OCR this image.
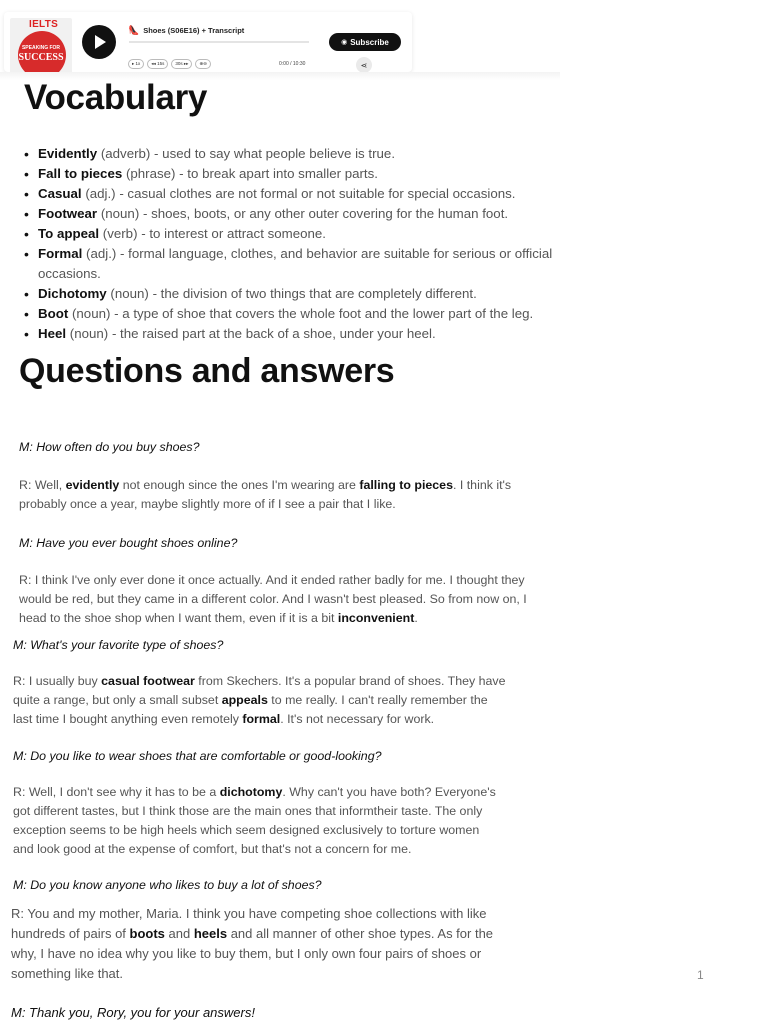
IELTS
SPEAKING FOR
SUCCESS
👠 Shoes (S06E16) + Transcript
▸ 1x	◂◂ 15s	30s ▸▸	⊕⊖	0:00 / 10:30
◉ Subscribe
⋖
Vocabulary
• Evidently (adverb) - used to say what people believe is true.
• Fall to pieces (phrase) - to break apart into smaller parts.
• Casual (adj.) - casual clothes are not formal or not suitable for special occasions.
• Footwear (noun) - shoes, boots, or any other outer covering for the human foot.
• To appeal (verb) - to interest or attract someone.
• Formal (adj.) - formal language, clothes, and behavior are suitable for serious or official occasions.
• Dichotomy (noun) - the division of two things that are completely different.
• Boot (noun) - a type of shoe that covers the whole foot and the lower part of the leg.
• Heel (noun) - the raised part at the back of a shoe, under your heel.
Questions and answers
M: How often do you buy shoes?
R: Well, evidently not enough since the ones I'm wearing are falling to pieces. I think it's probably once a year, maybe slightly more of if I see a pair that I like.
M: Have you ever bought shoes online?
R: I think I've only ever done it once actually. And it ended rather badly for me. I thought they would be red, but they came in a different color. And I wasn't best pleased. So from now on, I head to the shoe shop when I want them, even if it is a bit inconvenient.
M: What's your favorite type of shoes?
R: I usually buy casual footwear from Skechers. It's a popular brand of shoes. They have quite a range, but only a small subset appeals to me really. I can't really remember the last time I bought anything even remotely formal. It's not necessary for work.
M: Do you like to wear shoes that are comfortable or good-looking?
R: Well, I don't see why it has to be a dichotomy. Why can't you have both? Everyone's got different tastes, but I think those are the main ones that informtheir taste. The only exception seems to be high heels which seem designed exclusively to torture women and look good at the expense of comfort, but that's not a concern for me.
M: Do you know anyone who likes to buy a lot of shoes?
R: You and my mother, Maria. I think you have competing shoe collections with like hundreds of pairs of boots and heels and all manner of other shoe types. As for the why, I have no idea why you like to buy them, but I only own four pairs of shoes or something like that.
M: Thank you, Rory, you for your answers!
1
